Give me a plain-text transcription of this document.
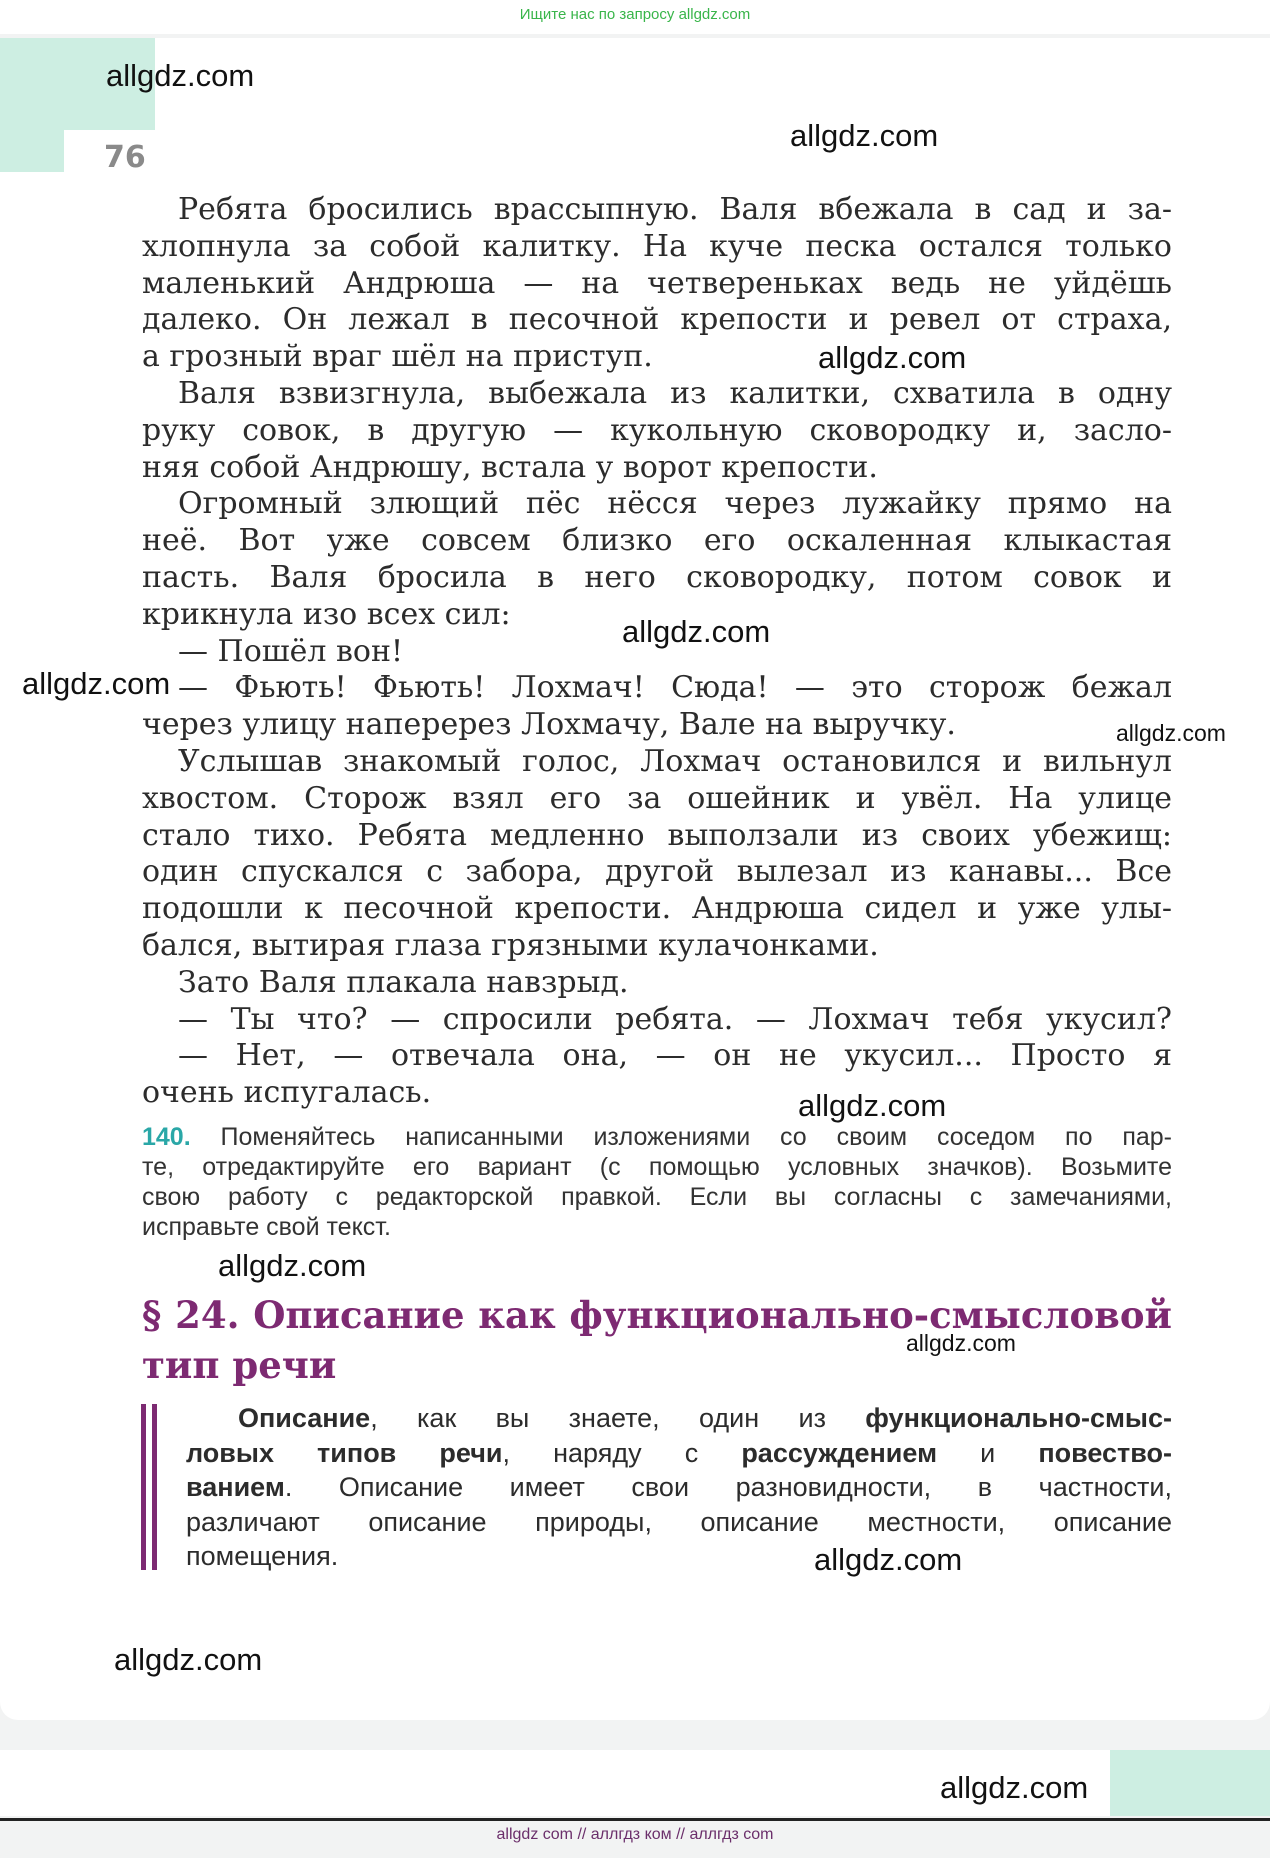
Ищите нас по запросу allgdz.com
76
Ребята бросились врассыпную. Валя вбежала в сад и за-
хлопнула за собой калитку. На куче песка остался только
маленький Андрюша — на четвереньках ведь не уйдёшь
далеко. Он лежал в песочной крепости и ревел от страха,
а грозный враг шёл на приступ.
Валя взвизгнула, выбежала из калитки, схватила в одну
руку совок, в другую — кукольную сковородку и, засло-
няя собой Андрюшу, встала у ворот крепости.
Огромный злющий пёс нёсся через лужайку прямо на
неё. Вот уже совсем близко его оскаленная клыкастая
пасть. Валя бросила в него сковородку, потом совок и
крикнула изо всех сил:
— Пошёл вон!
— Фьють! Фьють! Лохмач! Сюда! — это сторож бежал
через улицу наперерез Лохмачу, Вале на выручку.
Услышав знакомый голос, Лохмач остановился и вильнул
хвостом. Сторож взял его за ошейник и увёл. На улице
стало тихо. Ребята медленно выползали из своих убежищ:
один спускался с забора, другой вылезал из канавы... Все
подошли к песочной крепости. Андрюша сидел и уже улы-
бался, вытирая глаза грязными кулачонками.
Зато Валя плакала навзрыд.
— Ты что? — спросили ребята. — Лохмач тебя укусил?
— Нет, — отвечала она, — он не укусил... Просто я
очень испугалась.
140. Поменяйтесь написанными изложениями со своим соседом по пар-
те, отредактируйте его вариант (с помощью условных значков). Возьмите
свою работу с редакторской правкой. Если вы согласны с замечаниями,
исправьте свой текст.
§ 24. Описание как функционально-смысловой
тип речи
Описание, как вы знаете, один из функционально-смыс-
ловых типов речи, наряду с рассуждением и повество-
ванием. Описание имеет свои разновидности, в частности,
различают описание природы, описание местности, описание
помещения.
allgdz.com
allgdz.com
allgdz.com
allgdz.com
allgdz.com
allgdz.com
allgdz.com
allgdz.com
allgdz.com
allgdz.com
allgdz.com
allgdz.com
allgdz com // аллгдз ком // аллгдз com
